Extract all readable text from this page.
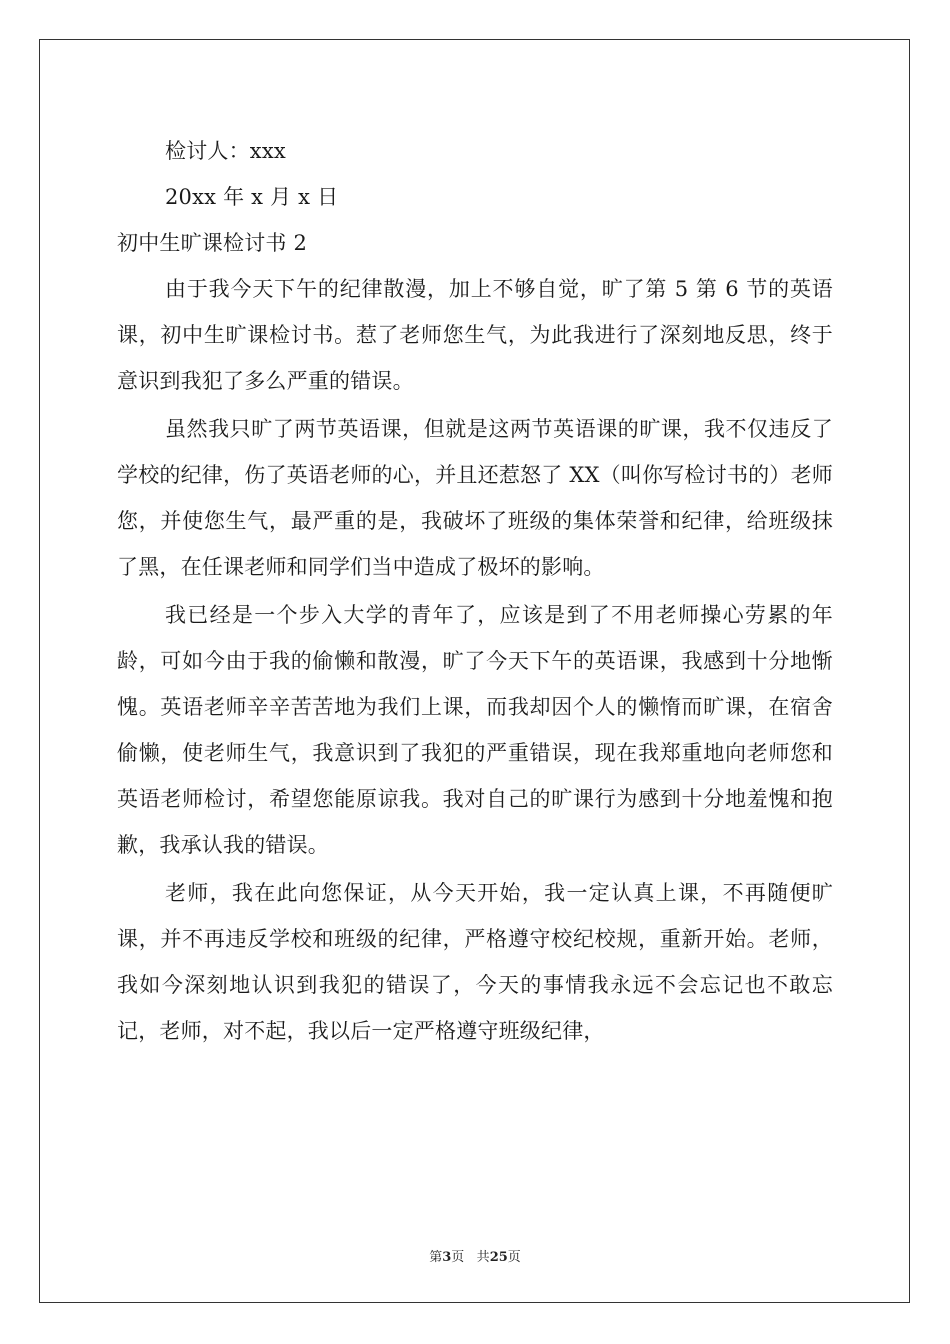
检讨人：xxx
20xx 年 x 月 x 日
初中生旷课检讨书 2

由于我今天下午的纪律散漫，加上不够自觉，旷了第 5 第 6 节的英语课，初中生旷课检讨书。惹了老师您生气，为此我进行了深刻地反思，终于意识到我犯了多么严重的错误。

虽然我只旷了两节英语课，但就是这两节英语课的旷课，我不仅违反了学校的纪律，伤了英语老师的心，并且还惹怒了 XX（叫你写检讨书的）老师您，并使您生气，最严重的是，我破坏了班级的集体荣誉和纪律，给班级抹了黑，在任课老师和同学们当中造成了极坏的影响。

我已经是一个步入大学的青年了，应该是到了不用老师操心劳累的年龄，可如今由于我的偷懒和散漫，旷了今天下午的英语课，我感到十分地惭愧。英语老师辛辛苦苦地为我们上课，而我却因个人的懒惰而旷课，在宿舍偷懒，使老师生气，我意识到了我犯的严重错误，现在我郑重地向老师您和英语老师检讨，希望您能原谅我。我对自己的旷课行为感到十分地羞愧和抱歉，我承认我的错误。

老师，我在此向您保证，从今天开始，我一定认真上课，不再随便旷课，并不再违反学校和班级的纪律，严格遵守校纪校规，重新开始。老师，我如今深刻地认识到我犯的错误了，今天的事情我永远不会忘记也不敢忘记，老师，对不起，我以后一定严格遵守班级纪律，

第3页 共25页
